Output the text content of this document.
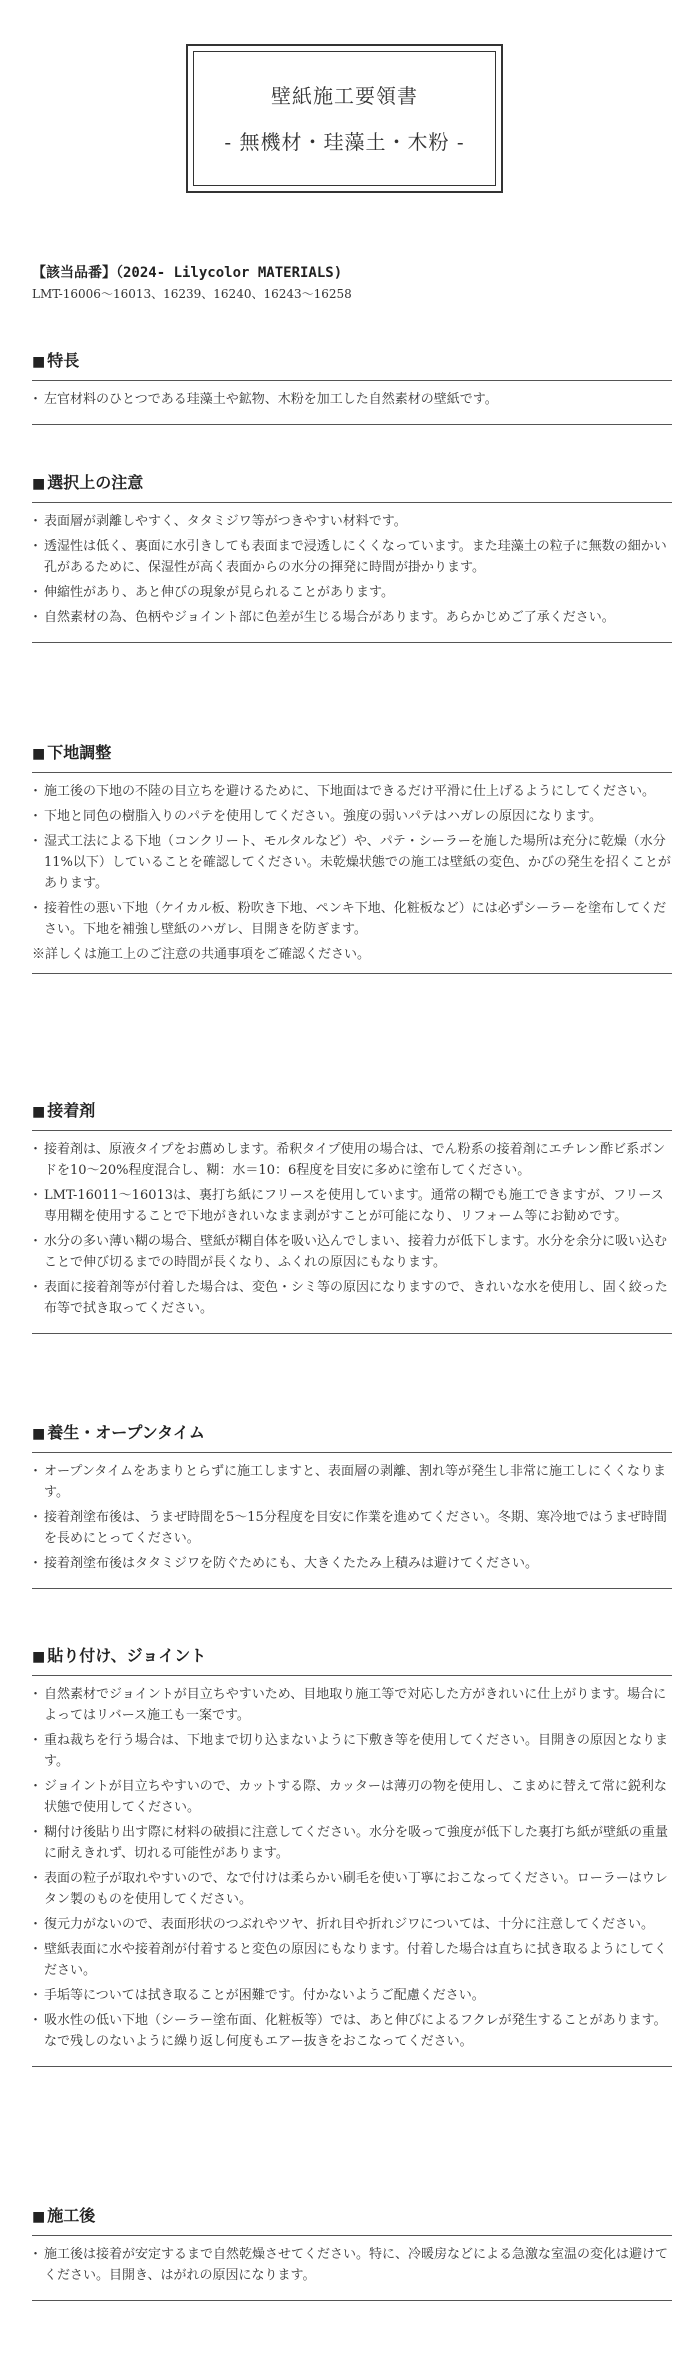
壁紙施工要領書
- 無機材・珪藻土・木粉 -
【該当品番】（2024- Lilycolor MATERIALS)
LMT-16006～16013、16239、16240、16243～16258
■ 特長
・ 左官材料のひとつである珪藻土や鉱物、木粉を加工した自然素材の壁紙です。
■ 選択上の注意
・ 表面層が剥離しやすく、タタミジワ等がつきやすい材料です。
・ 透湿性は低く、裏面に水引きしても表面まで浸透しにくくなっています。また珪藻土の粒子に無数の細かい孔があるために、保湿性が高く表面からの水分の揮発に時間が掛かります。
・ 伸縮性があり、あと伸びの現象が見られることがあります。
・ 自然素材の為、色柄やジョイント部に色差が生じる場合があります。あらかじめご了承ください。
■ 下地調整
・ 施工後の下地の不陸の目立ちを避けるために、下地面はできるだけ平滑に仕上げるようにしてください。
・ 下地と同色の樹脂入りのパテを使用してください。強度の弱いパテはハガレの原因になります。
・ 湿式工法による下地（コンクリート、モルタルなど）や、パテ・シーラーを施した場所は充分に乾燥（水分 11%以下）していることを確認してください。未乾燥状態での施工は壁紙の変色、かびの発生を招くことがあります。
・ 接着性の悪い下地（ケイカル板、粉吹き下地、ペンキ下地、化粧板など）には必ずシーラーを塗布してください。下地を補強し壁紙のハガレ、目開きを防ぎます。
※詳しくは施工上のご注意の共通事項をご確認ください。
■ 接着剤
・ 接着剤は、原液タイプをお薦めします。希釈タイプ使用の場合は、でん粉系の接着剤にエチレン酢ビ系ボンドを10～20%程度混合し、糊：水＝10：6程度を目安に多めに塗布してください。
・ LMT-16011～16013は、裏打ち紙にフリースを使用しています。通常の糊でも施工できますが、フリース専用糊を使用することで下地がきれいなまま剥がすことが可能になり、リフォーム等にお勧めです。
・ 水分の多い薄い糊の場合、壁紙が糊自体を吸い込んでしまい、接着力が低下します。水分を余分に吸い込むことで伸び切るまでの時間が長くなり、ふくれの原因にもなります。
・ 表面に接着剤等が付着した場合は、変色・シミ等の原因になりますので、きれいな水を使用し、固く絞った布等で拭き取ってください。
■ 養生・オープンタイム
・ オープンタイムをあまりとらずに施工しますと、表面層の剥離、割れ等が発生し非常に施工しにくくなります。
・ 接着剤塗布後は、うまぜ時間を5～15分程度を目安に作業を進めてください。冬期、寒冷地ではうまぜ時間を長めにとってください。
・ 接着剤塗布後はタタミジワを防ぐためにも、大きくたたみ上積みは避けてください。
■ 貼り付け、ジョイント
・ 自然素材でジョイントが目立ちやすいため、目地取り施工等で対応した方がきれいに仕上がります。場合によってはリバース施工も一案です。
・ 重ね裁ちを行う場合は、下地まで切り込まないように下敷き等を使用してください。目開きの原因となります。
・ ジョイントが目立ちやすいので、カットする際、カッターは薄刃の物を使用し、こまめに替えて常に鋭利な状態で使用してください。
・ 糊付け後貼り出す際に材料の破損に注意してください。水分を吸って強度が低下した裏打ち紙が壁紙の重量に耐えきれず、切れる可能性があります。
・ 表面の粒子が取れやすいので、なで付けは柔らかい刷毛を使い丁寧におこなってください。ローラーはウレタン製のものを使用してください。
・ 復元力がないので、表面形状のつぶれやツヤ、折れ目や折れジワについては、十分に注意してください。
・ 壁紙表面に水や接着剤が付着すると変色の原因にもなります。付着した場合は直ちに拭き取るようにしてください。
・ 手垢等については拭き取ることが困難です。付かないようご配慮ください。
・ 吸水性の低い下地（シーラー塗布面、化粧板等）では、あと伸びによるフクレが発生することがあります。なで残しのないように繰り返し何度もエアー抜きをおこなってください。
■ 施工後
・ 施工後は接着が安定するまで自然乾燥させてください。特に、冷暖房などによる急激な室温の変化は避けてください。目開き、はがれの原因になります。
